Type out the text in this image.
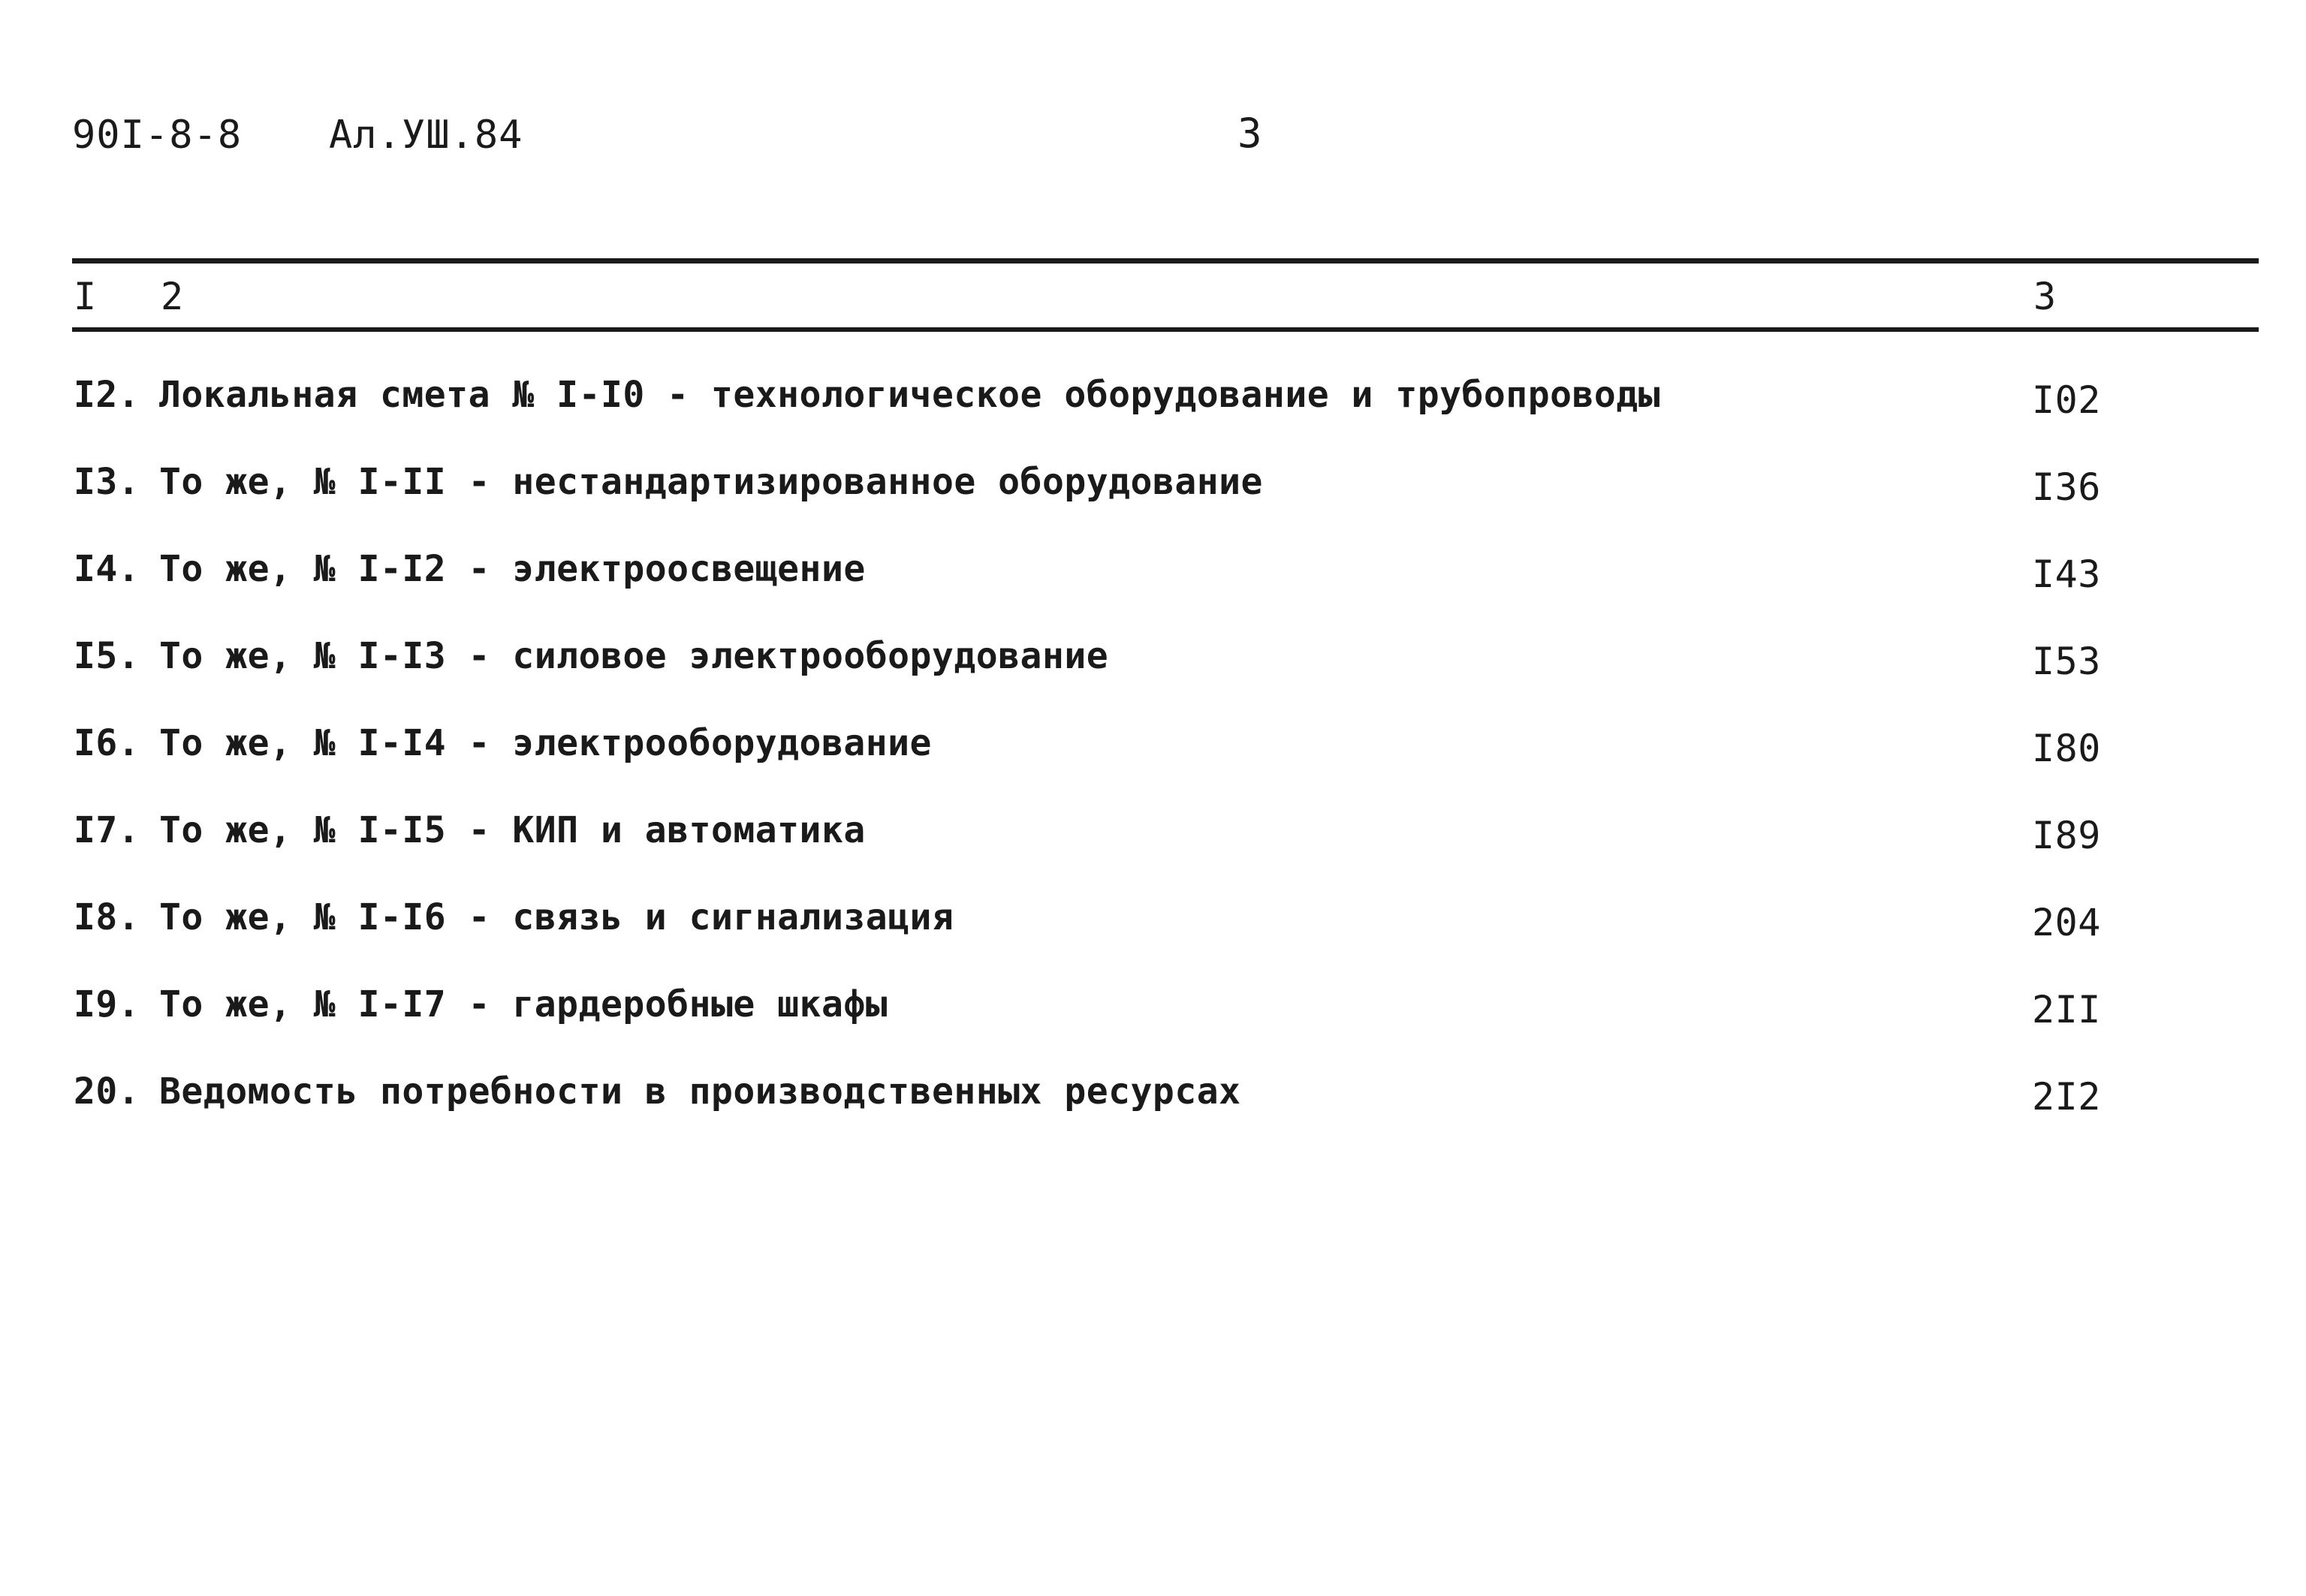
90I-8-8 Ал.УШ.84	3
I 2	3
I2. Локальная смета № I-I0 - технологическое оборудование и трубопроводы	I02
I3. То же, № I-II - нестандартизированное оборудование	I36
I4. То же, № I-I2 - электроосвещение	I43
I5. То же, № I-I3 - силовое электрооборудование	I53
I6. То же, № I-I4 - электрооборудование	I80
I7. То же, № I-I5 - КИП и автоматика	I89
I8. То же, № I-I6 - связь и сигнализация	204
I9. То же, № I-I7 - гардеробные шкафы	2II
20. Ведомость потребности в производственных ресурсах	2I2
